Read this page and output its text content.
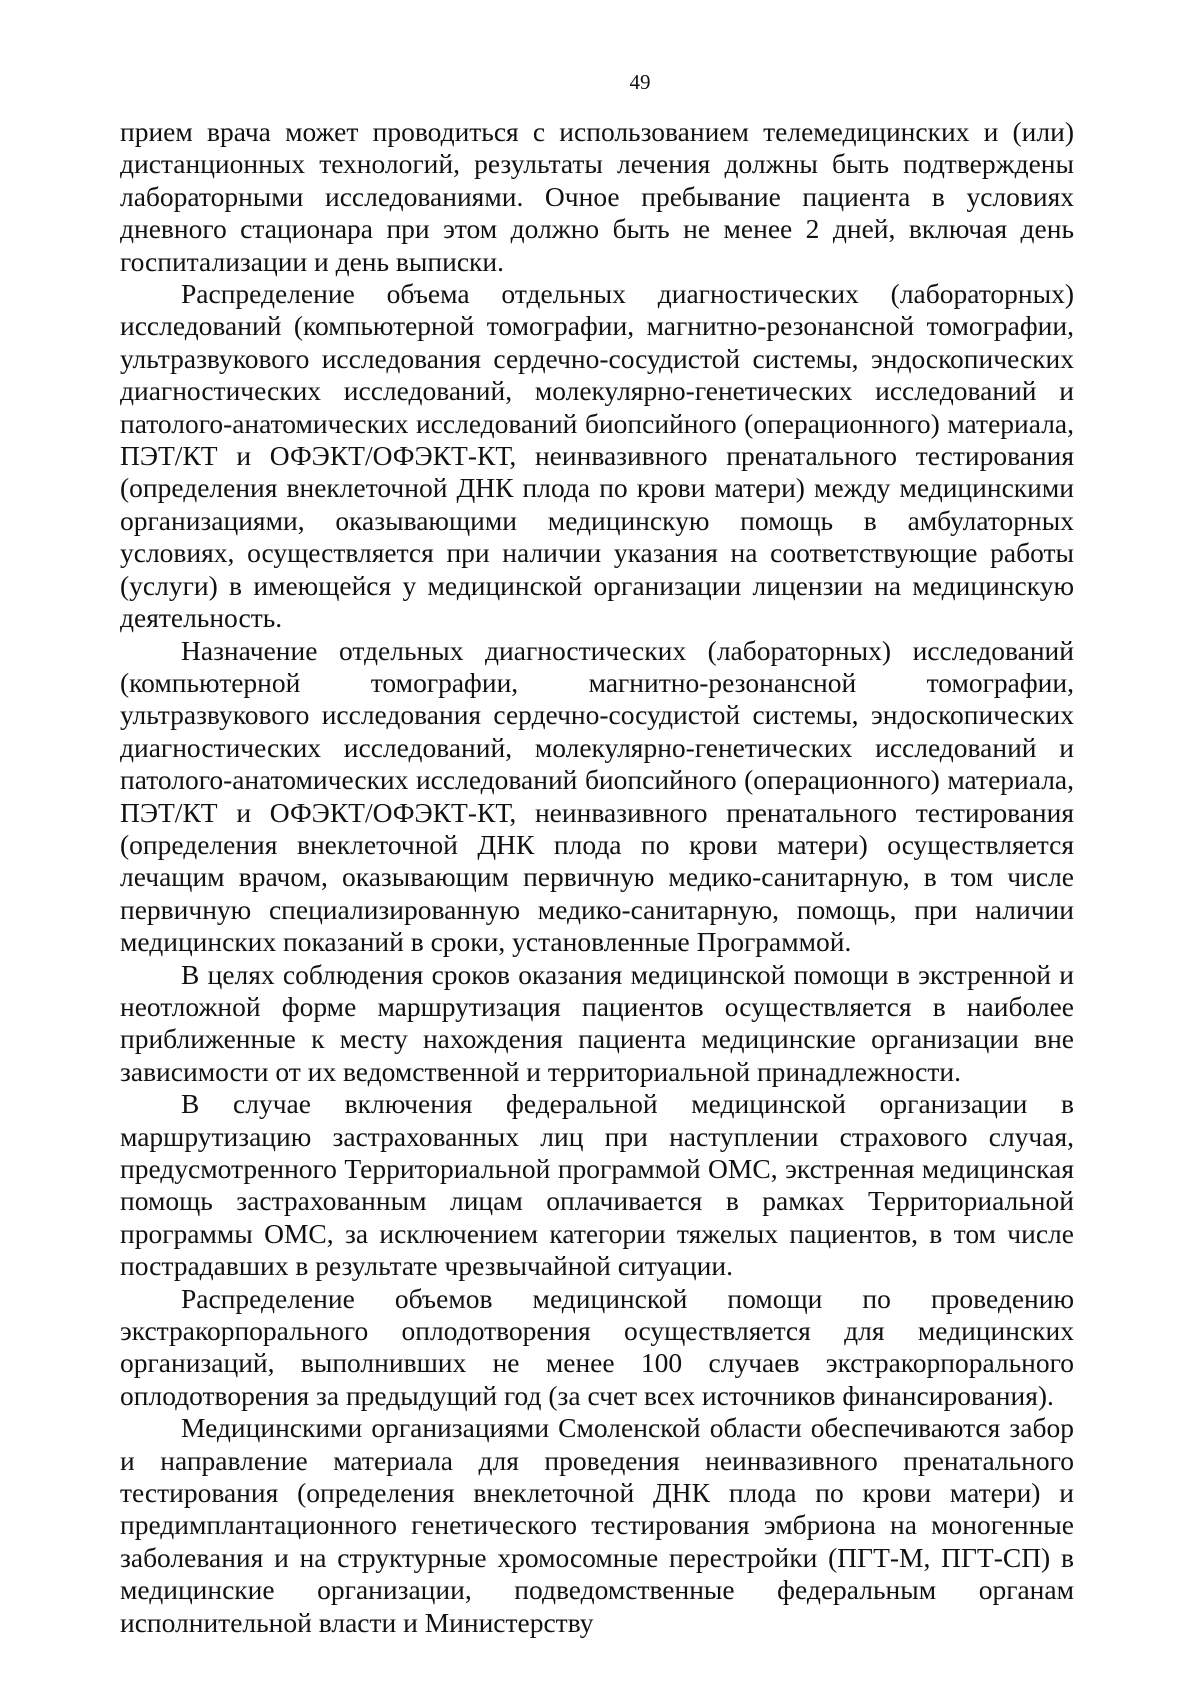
49

прием врача может проводиться с использованием телемедицинских и (или) дистанционных технологий, результаты лечения должны быть подтверждены лабораторными исследованиями. Очное пребывание пациента в условиях дневного стационара при этом должно быть не менее 2 дней, включая день госпитализации и день выписки.

Распределение объема отдельных диагностических (лабораторных) исследований (компьютерной томографии, магнитно-резонансной томографии, ультразвукового исследования сердечно-сосудистой системы, эндоскопических диагностических исследований, молекулярно-генетических исследований и патолого-анатомических исследований биопсийного (операционного) материала, ПЭТ/КТ и ОФЭКТ/ОФЭКТ-КТ, неинвазивного пренатального тестирования (определения внеклеточной ДНК плода по крови матери) между медицинскими организациями, оказывающими медицинскую помощь в амбулаторных условиях, осуществляется при наличии указания на соответствующие работы (услуги) в имеющейся у медицинской организации лицензии на медицинскую деятельность.

Назначение отдельных диагностических (лабораторных) исследований (компьютерной томографии, магнитно-резонансной томографии, ультразвукового исследования сердечно-сосудистой системы, эндоскопических диагностических исследований, молекулярно-генетических исследований и патолого-анатомических исследований биопсийного (операционного) материала, ПЭТ/КТ и ОФЭКТ/ОФЭКТ-КТ, неинвазивного пренатального тестирования (определения внеклеточной ДНК плода по крови матери) осуществляется лечащим врачом, оказывающим первичную медико-санитарную, в том числе первичную специализированную медико-санитарную, помощь, при наличии медицинских показаний в сроки, установленные Программой.

В целях соблюдения сроков оказания медицинской помощи в экстренной и неотложной форме маршрутизация пациентов осуществляется в наиболее приближенные к месту нахождения пациента медицинские организации вне зависимости от их ведомственной и территориальной принадлежности.

В случае включения федеральной медицинской организации в маршрутизацию застрахованных лиц при наступлении страхового случая, предусмотренного Территориальной программой ОМС, экстренная медицинская помощь застрахованным лицам оплачивается в рамках Территориальной программы ОМС, за исключением категории тяжелых пациентов, в том числе пострадавших в результате чрезвычайной ситуации.

Распределение объемов медицинской помощи по проведению экстракорпорального оплодотворения осуществляется для медицинских организаций, выполнивших не менее 100 случаев экстракорпорального оплодотворения за предыдущий год (за счет всех источников финансирования).

Медицинскими организациями Смоленской области обеспечиваются забор и направление материала для проведения неинвазивного пренатального тестирования (определения внеклеточной ДНК плода по крови матери) и предимплантационного генетического тестирования эмбриона на моногенные заболевания и на структурные хромосомные перестройки (ПГТ-М, ПГТ-СП) в медицинские организации, подведомственные федеральным органам исполнительной власти и Министерству
